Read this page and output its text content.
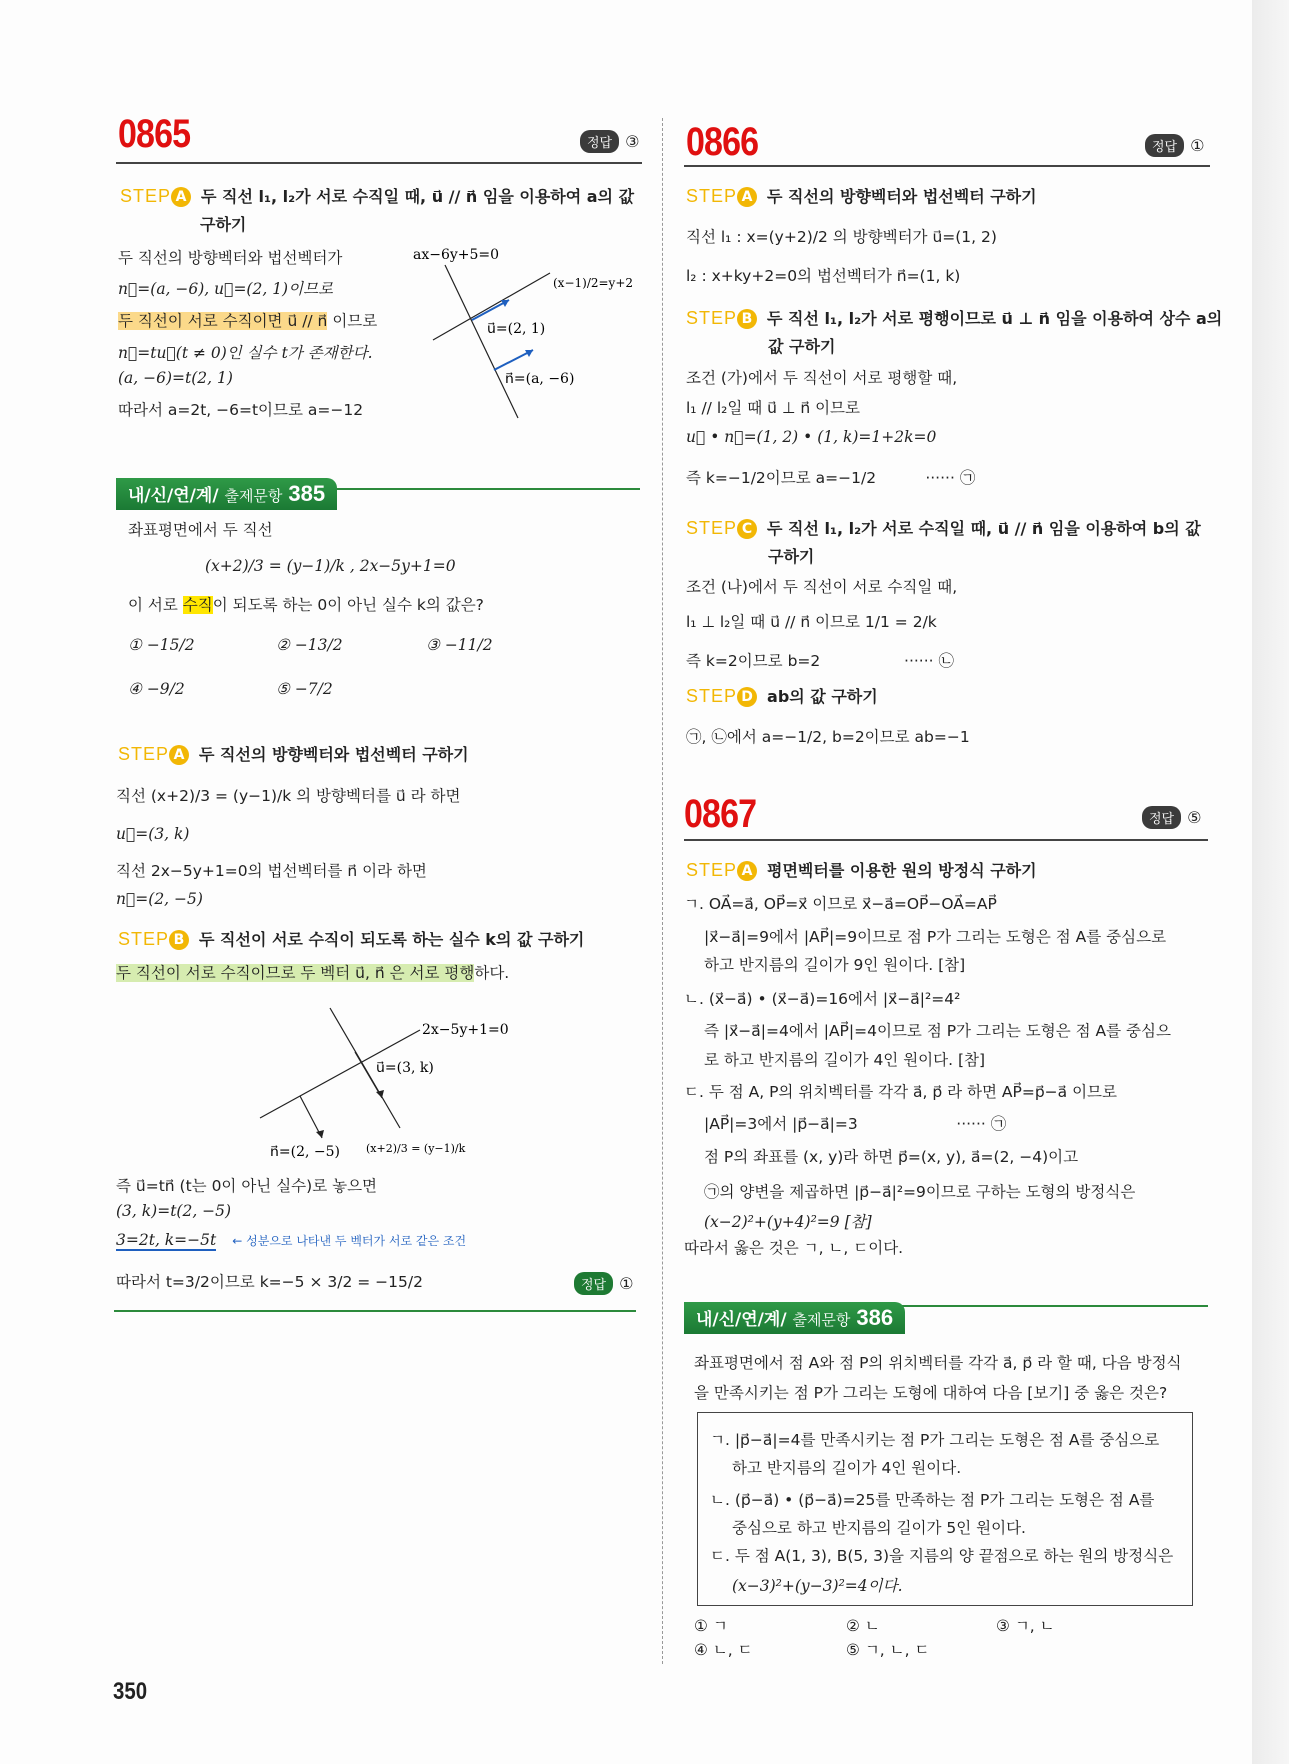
0865	정답 ③
STEP A 두 직선 l₁, l₂가 서로 수직일 때, u⃗ // n⃗ 임을 이용하여 a의 값
구하기
두 직선의 방향벡터와 법선벡터가
n⃗=(a, −6), u⃗=(2, 1)이므로
두 직선이 서로 수직이면 u⃗ // n⃗ 이므로
n⃗=tu⃗(t ≠ 0)인 실수 t가 존재한다.
(a, −6)=t(2, 1)
따라서 a=2t, −6=t이므로 a=−12
ax−6y+5=0
(x−1)/2=y+2
u⃗=(2, 1)
n⃗=(a, −6)
내/신/연/계/ 출제문항 385
좌표평면에서 두 직선
(x+2)/3 = (y−1)/k , 2x−5y+1=0
이 서로 수직이 되도록 하는 0이 아닌 실수 k의 값은?
① −15/2	② −13/2	③ −11/2
④ −9/2	⑤ −7/2
STEP A 두 직선의 방향벡터와 법선벡터 구하기
직선 (x+2)/3 = (y−1)/k 의 방향벡터를 u⃗ 라 하면
u⃗=(3, k)
직선 2x−5y+1=0의 법선벡터를 n⃗ 이라 하면
n⃗=(2, −5)
STEP B 두 직선이 서로 수직이 되도록 하는 실수 k의 값 구하기
두 직선이 서로 수직이므로 두 벡터 u⃗, n⃗ 은 서로 평행하다.
2x−5y+1=0
u⃗=(3, k)
n⃗=(2, −5) (x+2)/3 = (y−1)/k
즉 u⃗=tn⃗ (t는 0이 아닌 실수)로 놓으면
(3, k)=t(2, −5)
3=2t, k=−5t ← 성분으로 나타낸 두 벡터가 서로 같은 조건
따라서 t=3/2이므로 k=−5 × 3/2 = −15/2	정답 ①
0866	정답 ①
STEP A 두 직선의 방향벡터와 법선벡터 구하기
직선 l₁ : x=(y+2)/2 의 방향벡터가 u⃗=(1, 2)
l₂ : x+ky+2=0의 법선벡터가 n⃗=(1, k)
STEP B 두 직선 l₁, l₂가 서로 평행이므로 u⃗ ⊥ n⃗ 임을 이용하여 상수 a의
값 구하기
조건 (가)에서 두 직선이 서로 평행할 때,
l₁ // l₂일 때 u⃗ ⊥ n⃗ 이므로
u⃗ • n⃗=(1, 2) • (1, k)=1+2k=0
즉 k=−1/2이므로 a=−1/2          ······ ㉠
STEP C 두 직선 l₁, l₂가 서로 수직일 때, u⃗ // n⃗ 임을 이용하여 b의 값
구하기
조건 (나)에서 두 직선이 서로 수직일 때,
l₁ ⊥ l₂일 때 u⃗ // n⃗ 이므로 1/1 = 2/k
즉 k=2이므로 b=2                 ······ ㉡
STEP D ab의 값 구하기
㉠, ㉡에서 a=−1/2, b=2이므로 ab=−1
0867	정답 ⑤
STEP A 평면벡터를 이용한 원의 방정식 구하기
ㄱ. OA⃗=a⃗, OP⃗=x⃗ 이므로 x⃗−a⃗=OP⃗−OA⃗=AP⃗
|x⃗−a⃗|=9에서 |AP⃗|=9이므로 점 P가 그리는 도형은 점 A를 중심으로
하고 반지름의 길이가 9인 원이다. [참]
ㄴ. (x⃗−a⃗) • (x⃗−a⃗)=16에서 |x⃗−a⃗|²=4²
즉 |x⃗−a⃗|=4에서 |AP⃗|=4이므로 점 P가 그리는 도형은 점 A를 중심으
로 하고 반지름의 길이가 4인 원이다. [참]
ㄷ. 두 점 A, P의 위치벡터를 각각 a⃗, p⃗ 라 하면 AP⃗=p⃗−a⃗ 이므로
|AP⃗|=3에서 |p⃗−a⃗|=3                    ······ ㉠
점 P의 좌표를 (x, y)라 하면 p⃗=(x, y), a⃗=(2, −4)이고
㉠의 양변을 제곱하면 |p⃗−a⃗|²=9이므로 구하는 도형의 방정식은
(x−2)²+(y+4)²=9 [참]
따라서 옳은 것은 ㄱ, ㄴ, ㄷ이다.
내/신/연/계/ 출제문항 386
좌표평면에서 점 A와 점 P의 위치벡터를 각각 a⃗, p⃗ 라 할 때, 다음 방정식
을 만족시키는 점 P가 그리는 도형에 대하여 다음 [보기] 중 옳은 것은?
ㄱ. |p⃗−a⃗|=4를 만족시키는 점 P가 그리는 도형은 점 A를 중심으로
하고 반지름의 길이가 4인 원이다.
ㄴ. (p⃗−a⃗) • (p⃗−a⃗)=25를 만족하는 점 P가 그리는 도형은 점 A를
중심으로 하고 반지름의 길이가 5인 원이다.
ㄷ. 두 점 A(1, 3), B(5, 3)을 지름의 양 끝점으로 하는 원의 방정식은
(x−3)²+(y−3)²=4이다.
① ㄱ	② ㄴ	③ ㄱ, ㄴ
④ ㄴ, ㄷ	⑤ ㄱ, ㄴ, ㄷ
350
